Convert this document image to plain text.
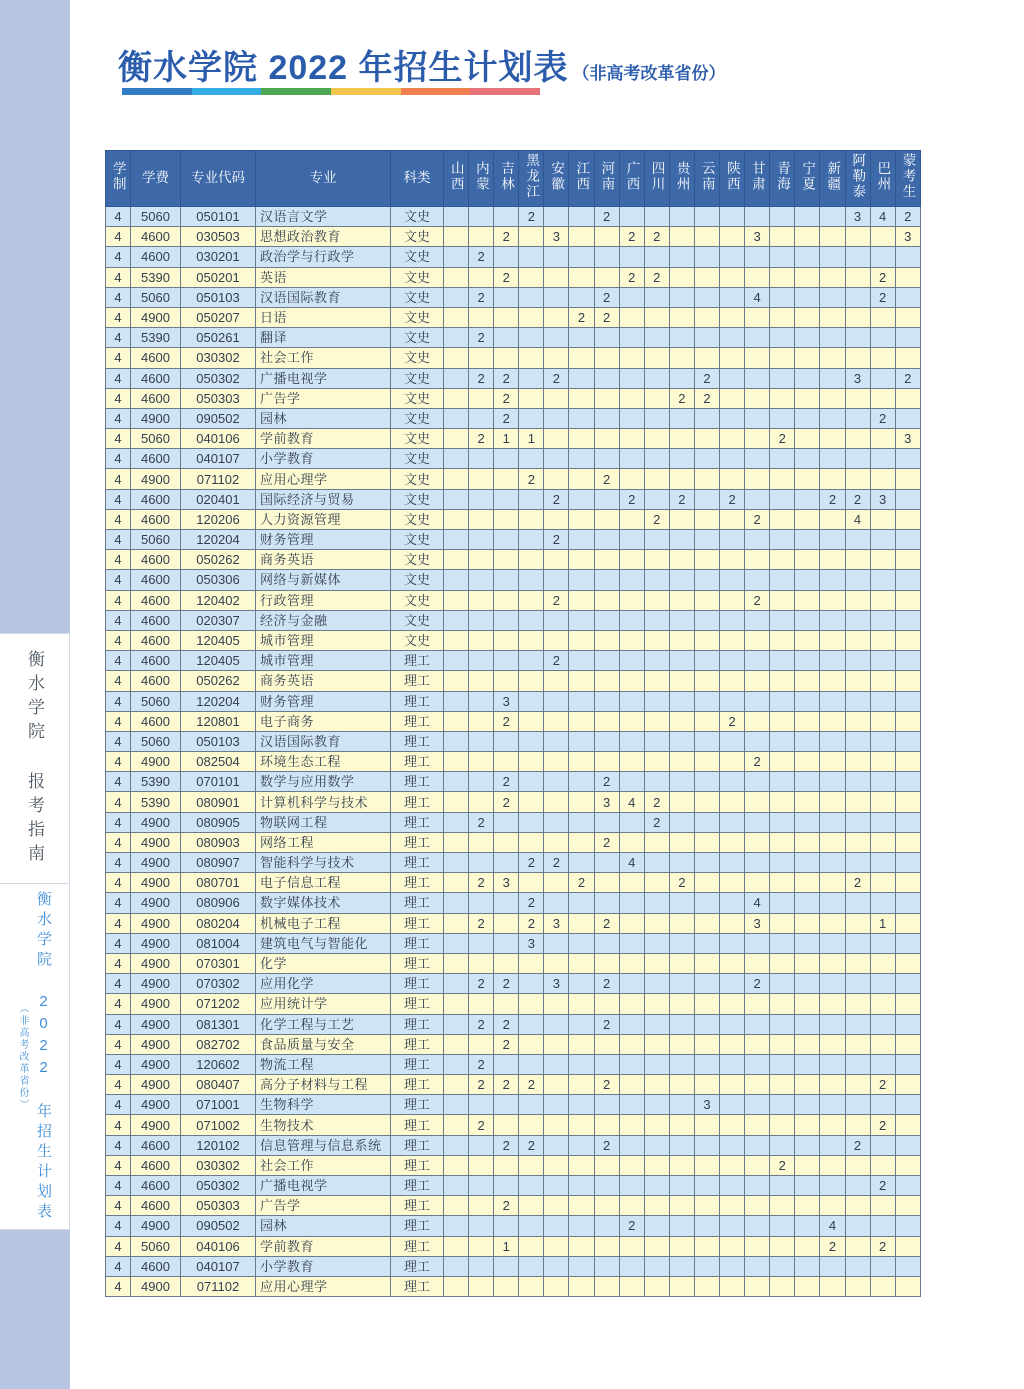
衡水学院 报考指南
（非高考改革省份） 衡水学院 2022 年招生计划表
衡水学院 2022 年招生计划表 （非高考改革省份）
学制	学费	专业代码	专业	科类	山西	内蒙	吉林	黑龙江	安徽	江西	河南	广西	四川	贵州	云南	陕西	甘肃	青海	宁夏	新疆	阿勒泰	巴州	蒙考生
4	5060	050101	汉语言文学	文史				2			2										3	4	2
4	4600	030503	思想政治教育	文史			2		3			2	2				3						3
4	4600	030201	政治学与行政学	文史		2																	
4	5390	050201	英语	文史			2					2	2									2	
4	5060	050103	汉语国际教育	文史		2					2						4					2	
4	4900	050207	日语	文史						2	2												
4	5390	050261	翻译	文史		2																	
4	4600	030302	社会工作	文史																			
4	4600	050302	广播电视学	文史		2	2		2						2						3		2
4	4600	050303	广告学	文史			2							2	2								
4	4900	090502	园林	文史			2															2	
4	5060	040106	学前教育	文史		2	1	1										2					3
4	4600	040107	小学教育	文史																			
4	4900	071102	应用心理学	文史				2			2												
4	4600	020401	国际经济与贸易	文史					2			2		2		2				2	2	3	
4	4600	120206	人力资源管理	文史									2				2				4		
4	5060	120204	财务管理	文史					2														
4	4600	050262	商务英语	文史																			
4	4600	050306	网络与新媒体	文史																			
4	4600	120402	行政管理	文史					2								2						
4	4600	020307	经济与金融	文史																			
4	4600	120405	城市管理	文史																			
4	4600	120405	城市管理	理工					2														
4	4600	050262	商务英语	理工																			
4	5060	120204	财务管理	理工			3																
4	4600	120801	电子商务	理工			2									2							
4	5060	050103	汉语国际教育	理工																			
4	4900	082504	环境生态工程	理工													2						
4	5390	070101	数学与应用数学	理工			2				2												
4	5390	080901	计算机科学与技术	理工			2				3	4	2										
4	4900	080905	物联网工程	理工		2							2										
4	4900	080903	网络工程	理工							2												
4	4900	080907	智能科学与技术	理工				2	2			4											
4	4900	080701	电子信息工程	理工		2	3			2				2							2		
4	4900	080906	数字媒体技术	理工				2									4						
4	4900	080204	机械电子工程	理工		2		2	3		2						3					1	
4	4900	081004	建筑电气与智能化	理工				3															
4	4900	070301	化学	理工																			
4	4900	070302	应用化学	理工		2	2		3		2						2						
4	4900	071202	应用统计学	理工																			
4	4900	081301	化学工程与工艺	理工		2	2				2												
4	4900	082702	食品质量与安全	理工			2																
4	4900	120602	物流工程	理工		2																	
4	4900	080407	高分子材料与工程	理工		2	2	2			2											2	
4	4900	071001	生物科学	理工											3								
4	4900	071002	生物技术	理工		2																2	
4	4600	120102	信息管理与信息系统	理工			2	2			2										2		
4	4600	030302	社会工作	理工														2					
4	4600	050302	广播电视学	理工																		2	
4	4600	050303	广告学	理工			2																
4	4900	090502	园林	理工								2								4			
4	5060	040106	学前教育	理工			1													2		2	
4	4600	040107	小学教育	理工																			
4	4900	071102	应用心理学	理工																			
